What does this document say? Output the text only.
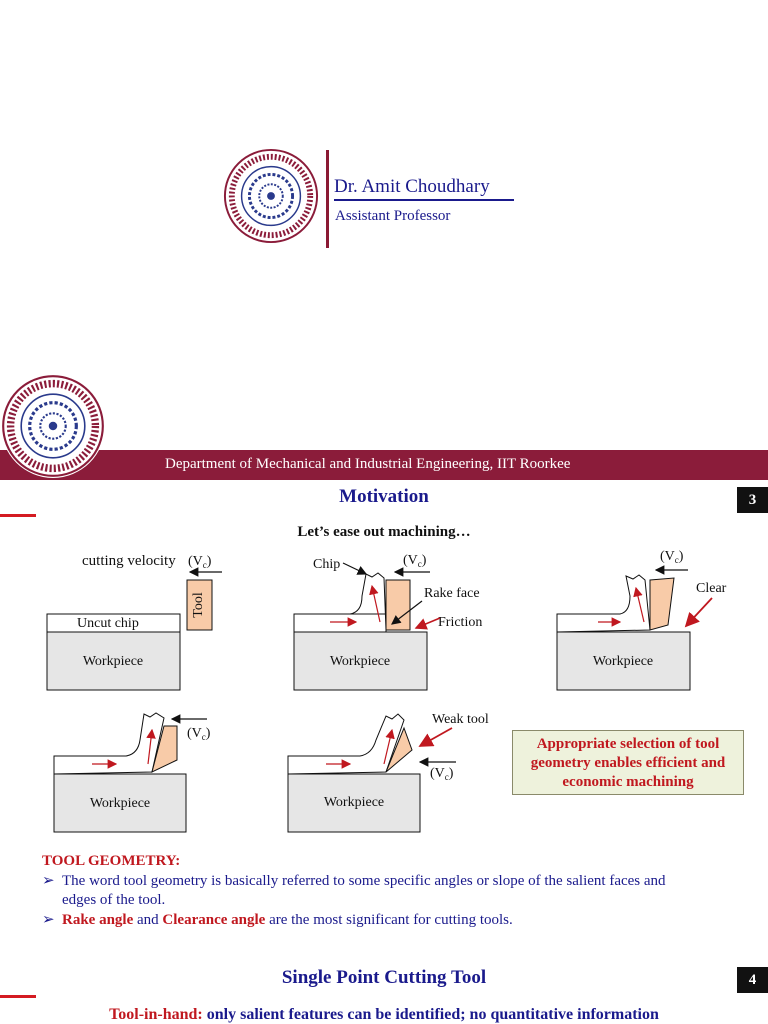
Dr. Amit Choudhary
Assistant Professor
Department of Mechanical and Industrial Engineering, IIT Roorkee
Motivation	3
Let’s ease out machining…
cutting velocity $(V_c)$
Tool
Uncut chip
Workpiece
Chip	$(V_c)$
Workpiece
Rake face
Friction
$(V_c)$
Workpiece
Clear
$(V_c)$
Workpiece
Weak tool
$(V_c)$
Workpiece
Appropriate selection of tool geometry enables efficient and economic machining
TOOL GEOMETRY:
➢ The word tool geometry is basically referred to some specific angles or slope of the salient faces and
edges of the tool.
➢ Rake angle and Clearance angle are the most significant for cutting tools.
Single Point Cutting Tool	4
Tool-in-hand: only salient features can be identified; no quantitative information
